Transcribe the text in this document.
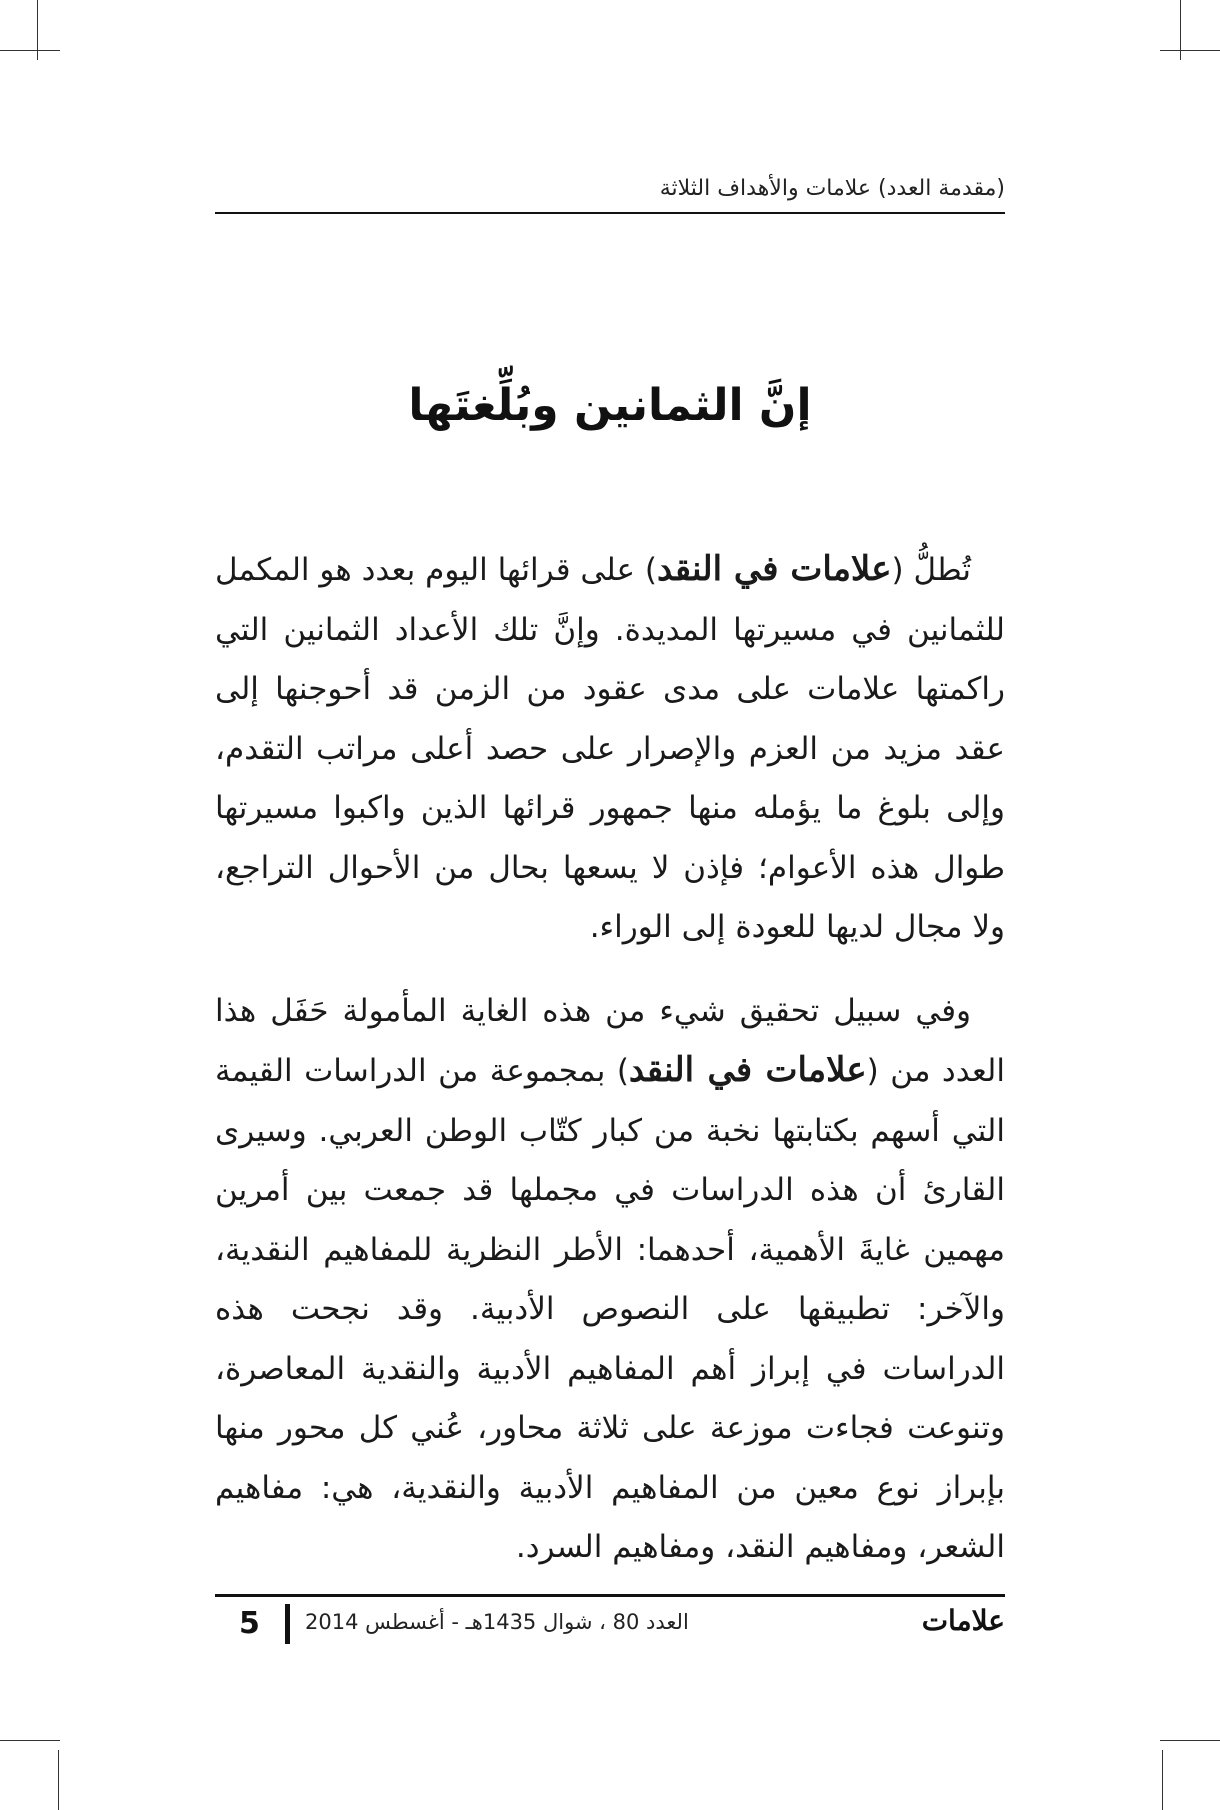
(مقدمة العدد) علامات والأهداف الثلاثة
إنَّ الثمانين وبُلِّغتَها

تُطلُّ (علامات في النقد) على قرائها اليوم بعدد هو المكمل للثمانين في مسيرتها المديدة. وإنَّ تلك الأعداد الثمانين التي راكمتها علامات على مدى عقود من الزمن قد أحوجنها إلى عقد مزيد من العزم والإصرار على حصد أعلى مراتب التقدم، وإلى بلوغ ما يؤمله منها جمهور قرائها الذين واكبوا مسيرتها طوال هذه الأعوام؛ فإذن لا يسعها بحال من الأحوال التراجع، ولا مجال لديها للعودة إلى الوراء.

وفي سبيل تحقيق شيء من هذه الغاية المأمولة حَفَل هذا العدد من (علامات في النقد) بمجموعة من الدراسات القيمة التي أسهم بكتابتها نخبة من كبار كتّاب الوطن العربي. وسيرى القارئ أن هذه الدراسات في مجملها قد جمعت بين أمرين مهمين غايةَ الأهمية، أحدهما: الأطر النظرية للمفاهيم النقدية، والآخر: تطبيقها على النصوص الأدبية. وقد نجحت هذه الدراسات في إبراز أهم المفاهيم الأدبية والنقدية المعاصرة، وتنوعت فجاءت موزعة على ثلاثة محاور، عُني كل محور منها بإبراز نوع معين من المفاهيم الأدبية والنقدية، هي: مفاهيم الشعر، ومفاهيم النقد، ومفاهيم السرد.

علامات
العدد 80 ، شوال 1435هـ - أغسطس 2014
5
